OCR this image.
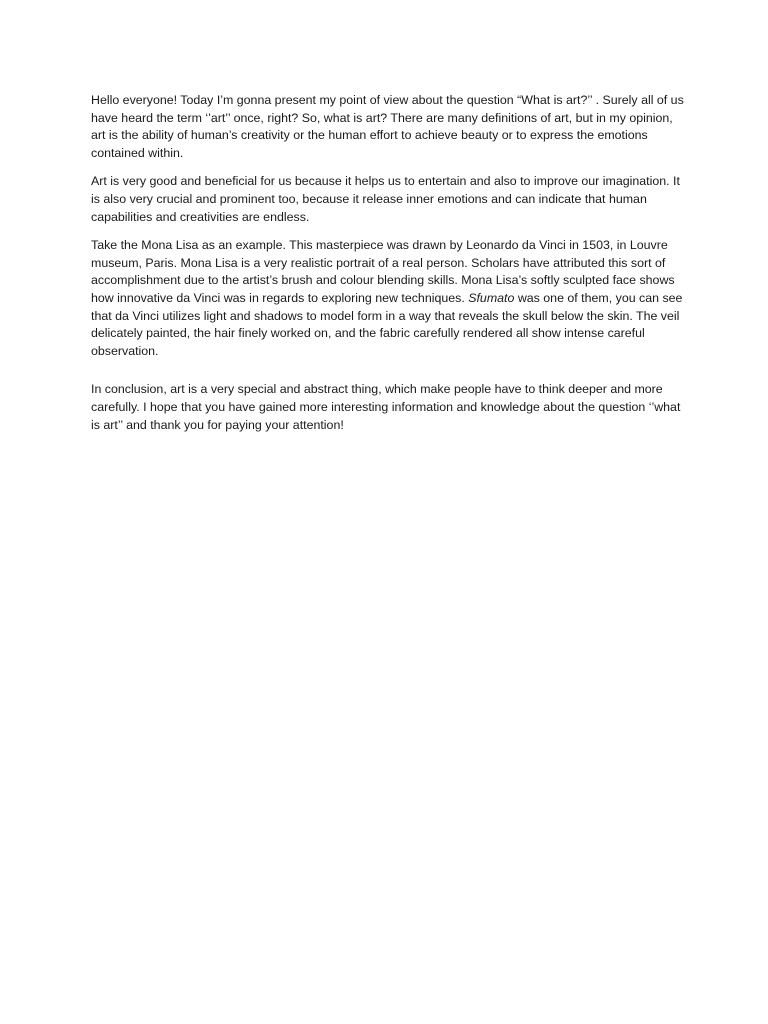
Hello everyone! Today I’m gonna present my point of view about the question “What is art?’’ . Surely all of us have heard the term ‘’art’’ once, right? So, what is art? There are many definitions of art, but in my opinion, art is the ability of human’s creativity or the human effort to achieve beauty or to express the emotions contained within.

Art is very good and beneficial for us because it helps us to entertain and also to improve our imagination. It is also very crucial and prominent too, because it release inner emotions and can indicate that human capabilities and creativities are endless.

Take the Mona Lisa as an example. This masterpiece was drawn by Leonardo da Vinci in 1503, in Louvre museum, Paris. Mona Lisa is a very realistic portrait of a real person. Scholars have attributed this sort of accomplishment due to the artist’s brush and colour blending skills. Mona Lisa’s softly sculpted face shows how innovative da Vinci was in regards to exploring new techniques. Sfumato was one of them, you can see that da Vinci utilizes light and shadows to model form in a way that reveals the skull below the skin. The veil delicately painted, the hair finely worked on, and the fabric carefully rendered all show intense careful observation.

In conclusion, art is a very special and abstract thing, which make people have to think deeper and more carefully. I hope that you have gained more interesting information and knowledge about the question ‘’what is art’’ and thank you for paying your attention!
